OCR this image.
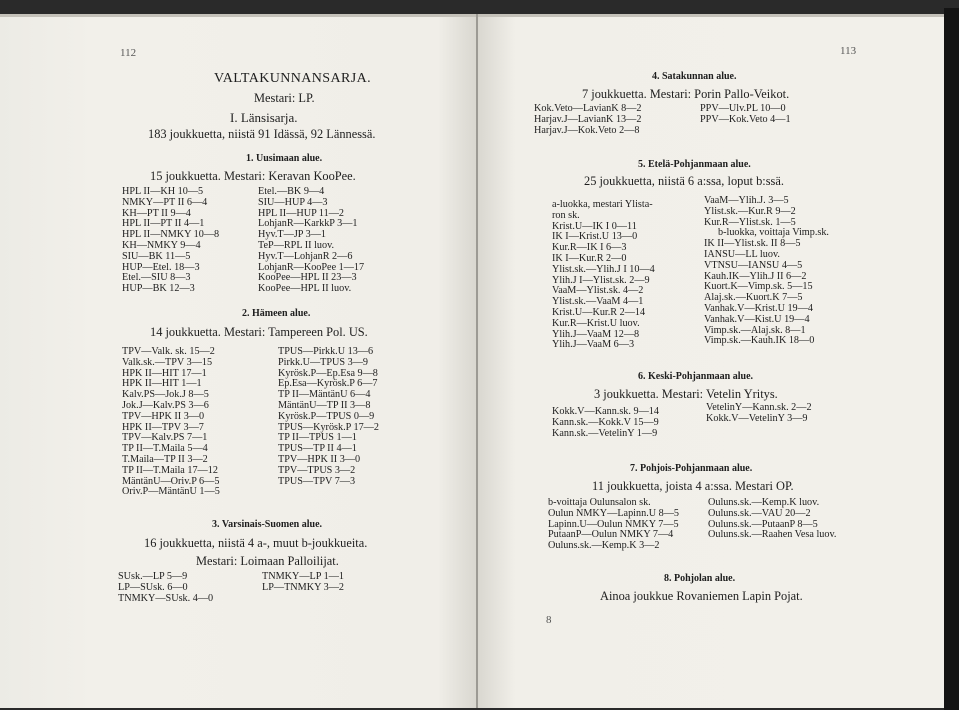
112
VALTAKUNNANSARJA.
Mestari: LP.
I. Länsisarja.
183 joukkuetta, niistä 91 Idässä, 92 Lännessä.
1. Uusimaan alue.
15 joukkuetta. Mestari: Keravan KooPee.
HPL II—KH 10—5
NMKY—PT II 6—4
KH—PT II 9—4
HPL II—PT II 4—1
HPL II—NMKY 10—8
KH—NMKY 9—4
SIU—BK 11—5
HUP—Etel. 18—3
Etel.—SIU 8—3
HUP—BK 12—3
Etel.—BK 9—4
SIU—HUP 4—3
HPL II—HUP 11—2
LohjanR—KarkkP 3—1
Hyv.T—JP 3—1
TeP—RPL II luov.
Hyv.T—LohjanR 2—6
LohjanR—KooPee 1—17
KooPee—HPL II 23—3
KooPee—HPL II luov.
2. Hämeen alue.
14 joukkuetta. Mestari: Tampereen Pol. US.
TPV—Valk. sk. 15—2
Valk.sk.—TPV 3—15
HPK II—HIT 17—1
HPK II—HIT 1—1
Kalv.PS—Jok.J 8—5
Jok.J—Kalv.PS 3—6
TPV—HPK II 3—0
HPK II—TPV 3—7
TPV—Kalv.PS 7—1
TP II—T.Maila 5—4
T.Maila—TP II 3—2
TP II—T.Maila 17—12
MäntänU—Oriv.P 6—5
Oriv.P—MäntänU 1—5
TPUS—Pirkk.U 13—6
Pirkk.U—TPUS 3—9
Kyrösk.P—Ep.Esa 9—8
Ep.Esa—Kyrösk.P 6—7
TP II—MäntänU 6—4
MäntänU—TP II 3—8
Kyrösk.P—TPUS 0—9
TPUS—Kyrösk.P 17—2
TP II—TPUS 1—1
TPUS—TP II 4—1
TPV—HPK II 3—0
TPV—TPUS 3—2
TPUS—TPV 7—3
3. Varsinais-Suomen alue.
16 joukkuetta, niistä 4 a-, muut b-joukkueita.
Mestari: Loimaan Palloilijat.
SUsk.—LP 5—9
LP—SUsk. 6—0
TNMKY—SUsk. 4—0
TNMKY—LP 1—1
LP—TNMKY 3—2
113
4. Satakunnan alue.
7 joukkuetta. Mestari: Porin Pallo-Veikot.
Kok.Veto—LavianK 8—2
Harjav.J—LavianK 13—2
Harjav.J—Kok.Veto 2—8
PPV—Ulv.PL 10—0
PPV—Kok.Veto 4—1
5. Etelä-Pohjanmaan alue.
25 joukkuetta, niistä 6 a:ssa, loput b:ssä.
a-luokka, mestari Ylista-
ron sk.
Krist.U—IK I 0—11
IK I—Krist.U 13—0
Kur.R—IK I 6—3
IK I—Kur.R 2—0
Ylist.sk.—Ylih.J I 10—4
Ylih.J I—Ylist.sk. 2—9
VaaM—Ylist.sk. 4—2
Ylist.sk.—VaaM 4—1
Krist.U—Kur.R 2—14
Kur.R—Krist.U luov.
Ylih.J—VaaM 12—8
Ylih.J—VaaM 6—3
VaaM—Ylih.J. 3—5
Ylist.sk.—Kur.R 9—2
Kur.R—Ylist.sk. 1—5
b-luokka, voittaja Vimp.sk.
IK II—Ylist.sk. II 8—5
IANSU—LL luov.
VTNSU—IANSU 4—5
Kauh.IK—Ylih.J II 6—2
Kuort.K—Vimp.sk. 5—15
Alaj.sk.—Kuort.K 7—5
Vanhak.V—Krist.U 19—4
Vanhak.V—Kist.U 19—4
Vimp.sk.—Alaj.sk. 8—1
Vimp.sk.—Kauh.IK 18—0
6. Keski-Pohjanmaan alue.
3 joukkuetta. Mestari: Vetelin Yritys.
Kokk.V—Kann.sk. 9—14
Kann.sk.—Kokk.V 15—9
Kann.sk.—VetelinY 1—9
VetelinY—Kann.sk. 2—2
Kokk.V—VetelinY 3—9
7. Pohjois-Pohjanmaan alue.
11 joukkuetta, joista 4 a:ssa. Mestari OP.
b-voittaja Oulunsalon sk.
Oulun NMKY—Lapinn.U 8—5
Lapinn.U—Oulun NMKY 7—5
PutaanP—Oulun NMKY 7—4
Ouluns.sk.—Kemp.K 3—2
Ouluns.sk.—Kemp.K luov.
Ouluns.sk.—VAU 20—2
Ouluns.sk.—PutaanP 8—5
Ouluns.sk.—Raahen Vesa luov.
8. Pohjolan alue.
Ainoa joukkue Rovaniemen Lapin Pojat.
8
